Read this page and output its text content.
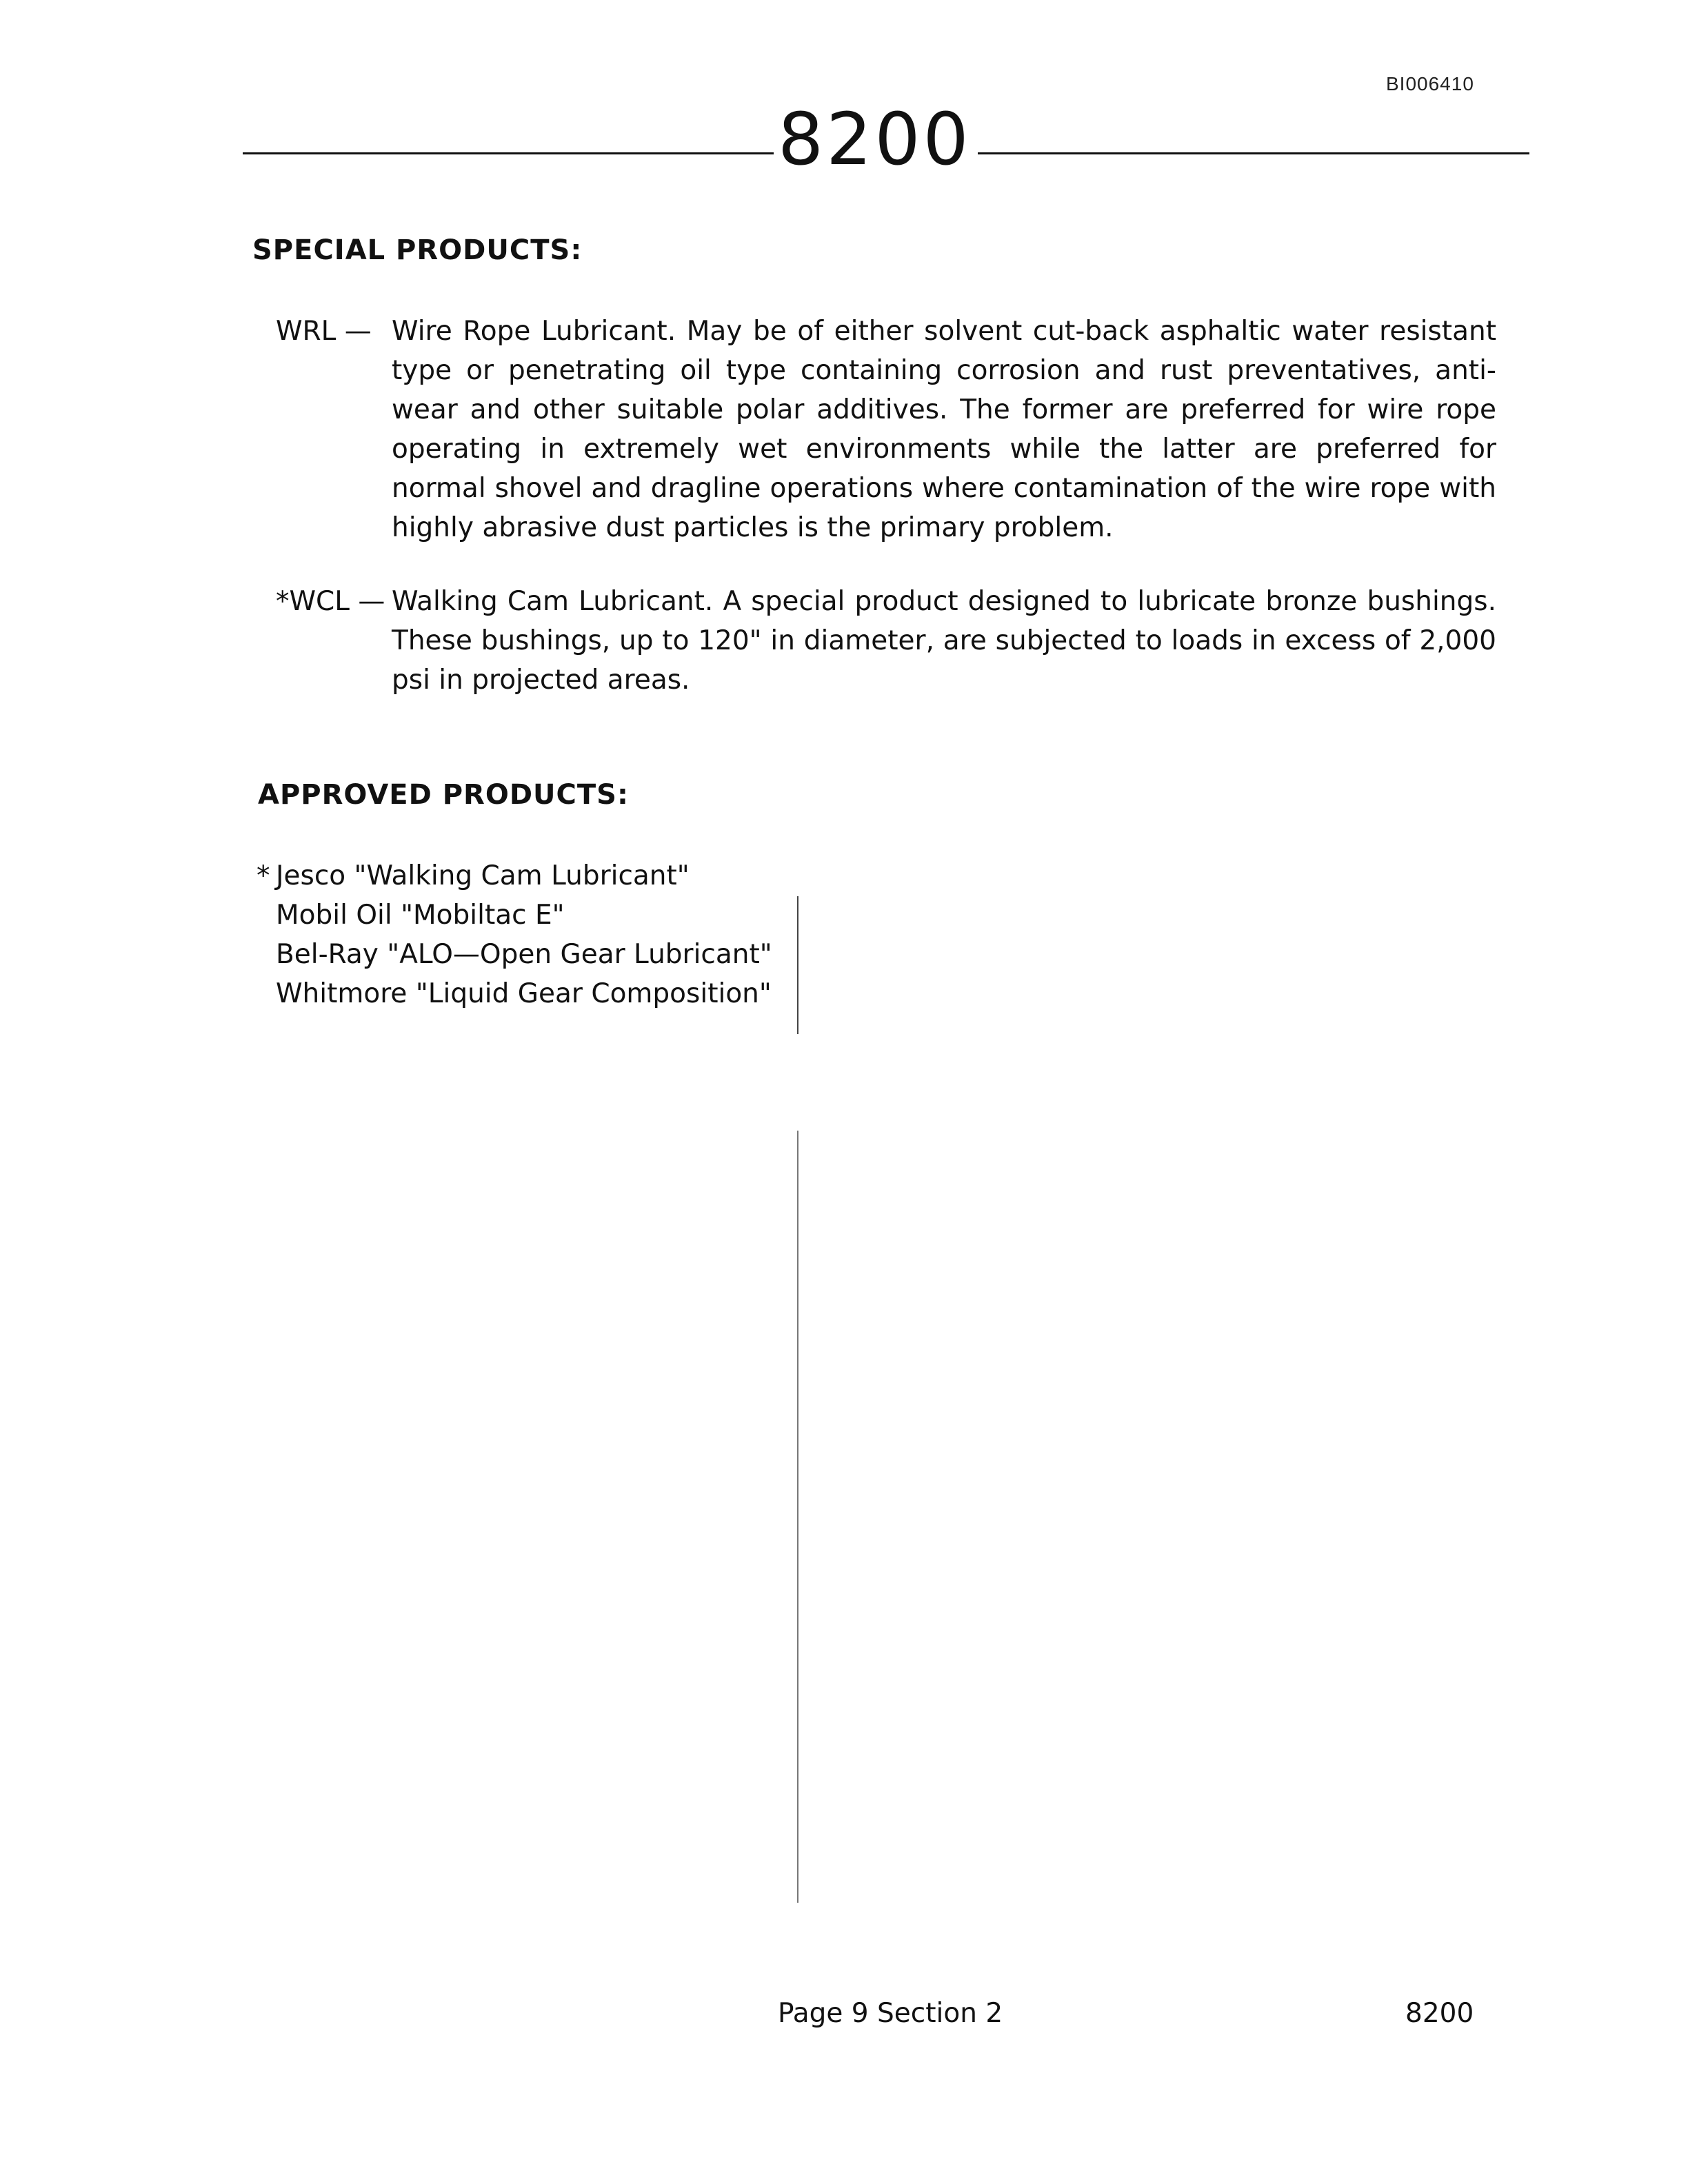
BI006410
8200
SPECIAL PRODUCTS:
WRL — Wire Rope Lubricant. May be of either solvent cut-back asphaltic water resistant type or penetrating oil type containing corrosion and rust preventatives, anti-wear and other suitable polar additives. The former are preferred for wire rope operating in extremely wet environments while the latter are preferred for normal shovel and dragline operations where contamination of the wire rope with highly abrasive dust particles is the primary problem.
*WCL — Walking Cam Lubricant. A special product designed to lubricate bronze bushings. These bushings, up to 120" in diameter, are subjected to loads in excess of 2,000 psi in projected areas.
APPROVED PRODUCTS:
* Jesco "Walking Cam Lubricant"
Mobil Oil "Mobiltac E"
Bel-Ray "ALO—Open Gear Lubricant"
Whitmore "Liquid Gear Composition"
Page 9 Section 2	8200
